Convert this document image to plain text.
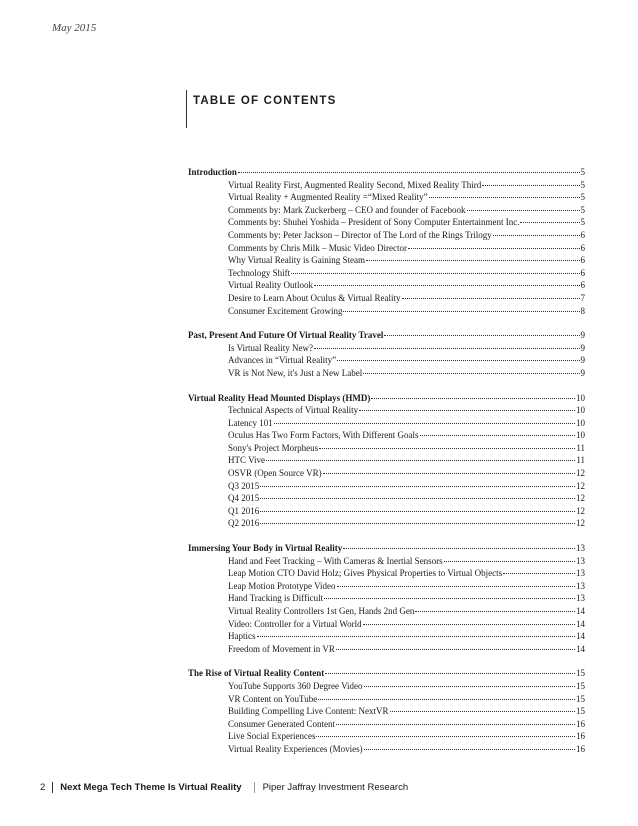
May 2015
TABLE OF CONTENTS
Introduction	5
Virtual Reality First, Augmented Reality Second, Mixed Reality Third	5
Virtual Reality + Augmented Reality =“Mixed Reality”	5
Comments by: Mark Zuckerberg – CEO and founder of Facebook	5
Comments by: Shuhei Yoshida – President of Sony Computer Entertainment Inc.	5
Comments by: Peter Jackson – Director of The Lord of the Rings Trilogy	6
Comments by Chris Milk – Music Video Director	6
Why Virtual Reality is Gaining Steam	6
Technology Shift	6
Virtual Reality Outlook	6
Desire to Learn About Oculus & Virtual Reality	7
Consumer Excitement Growing	8
Past, Present And Future Of Virtual Reality Travel	9
Is Virtual Reality New?	9
Advances in “Virtual Reality”	9
VR is Not New, it's Just a New Label	9
Virtual Reality Head Mounted Displays (HMD)	10
Technical Aspects of Virtual Reality	10
Latency 101	10
Oculus Has Two Form Factors, With Different Goals	10
Sony's Project Morpheus	11
HTC Vive	11
OSVR (Open Source VR)	12
Q3 2015	12
Q4 2015	12
Q1 2016	12
Q2 2016	12
Immersing Your Body in Virtual Reality	13
Hand and Feet Tracking – With Cameras & Inertial Sensors	13
Leap Motion CTO David Holz; Gives Physical Properties to Virtual Objects	13
Leap Motion Prototype Video	13
Hand Tracking is Difficult	13
Virtual Reality Controllers 1st Gen, Hands 2nd Gen	14
Video: Controller for a Virtual World	14
Haptics	14
Freedom of Movement in VR	14
The Rise of Virtual Reality Content	15
YouTube Supports 360 Degree Video	15
VR Content on YouTube	15
Building Compelling Live Content: NextVR	15
Consumer Generated Content	16
Live Social Experiences	16
Virtual Reality Experiences (Movies)	16
2 Next Mega Tech Theme Is Virtual Reality Piper Jaffray Investment Research
